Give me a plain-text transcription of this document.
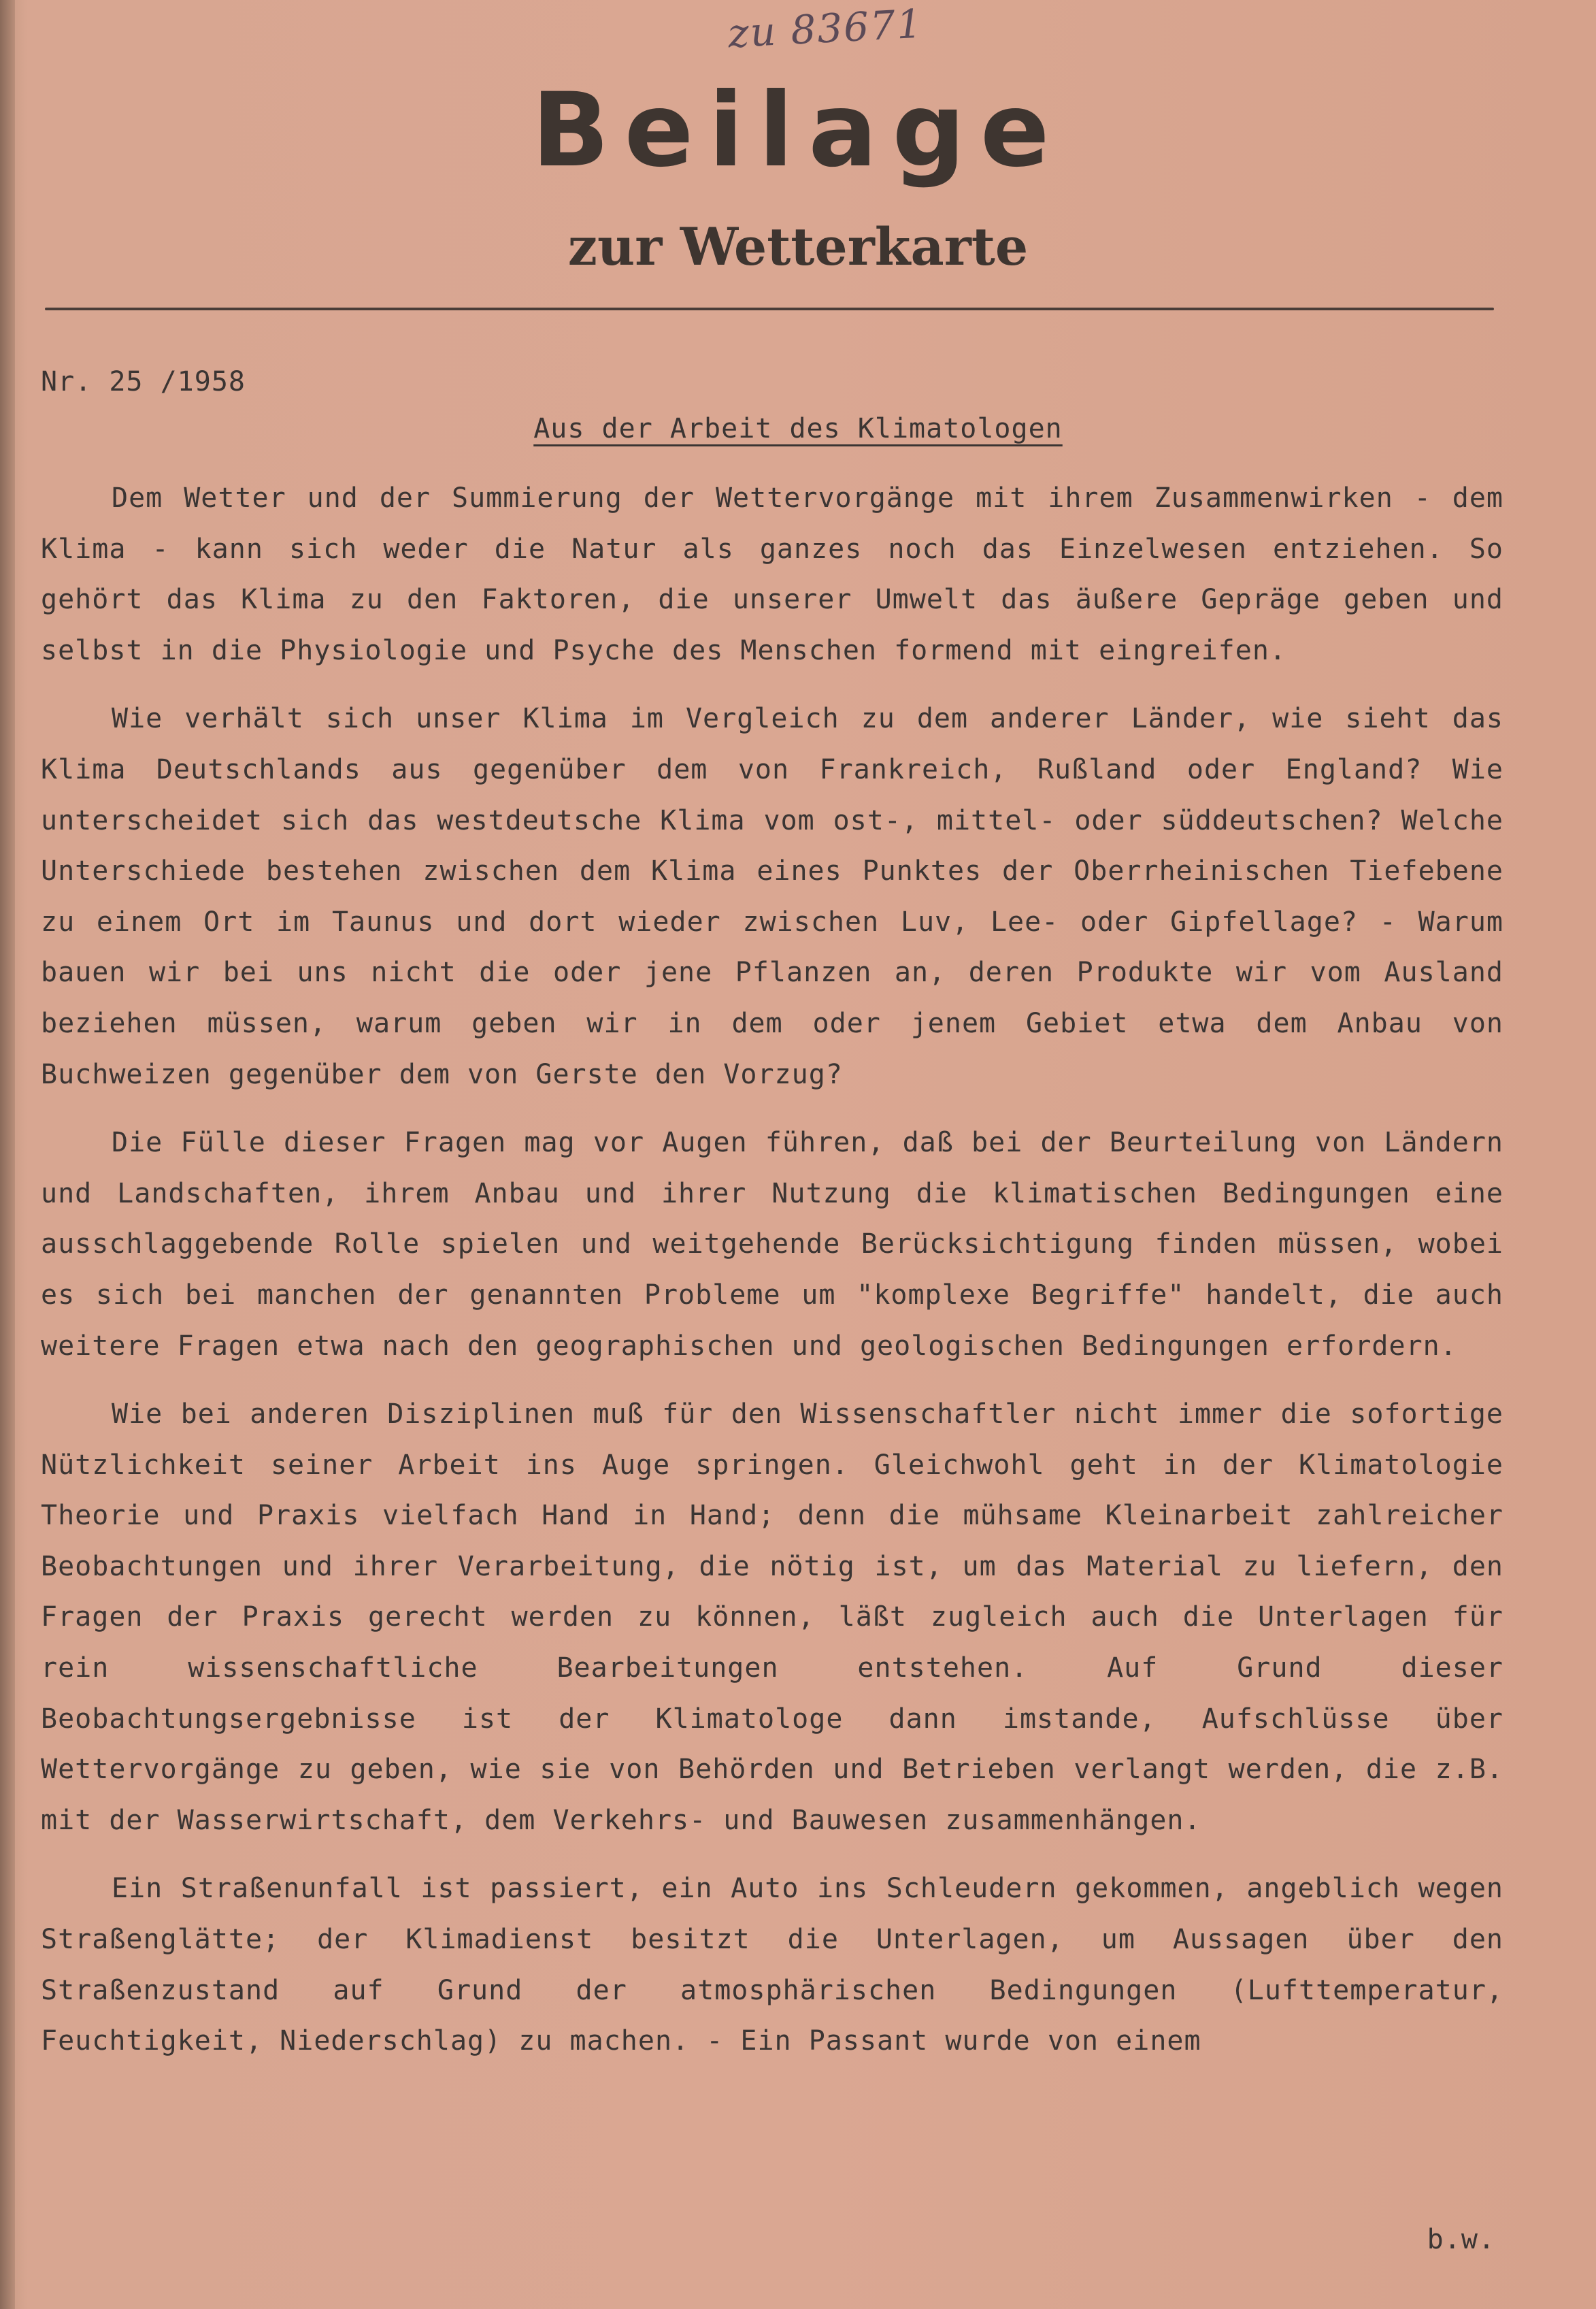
zu 83671
Beilage
zur Wetterkarte
Nr. 25 /1958
Aus der Arbeit des Klimatologen

Dem Wetter und der Summierung der Wettervorgänge mit ihrem Zusammenwirken - dem Klima - kann sich weder die Natur als ganzes noch das Einzelwesen entziehen. So gehört das Klima zu den Faktoren, die unserer Umwelt das äußere Gepräge geben und selbst in die Physiologie und Psyche des Menschen formend mit eingreifen.

Wie verhält sich unser Klima im Vergleich zu dem anderer Länder, wie sieht das Klima Deutschlands aus gegenüber dem von Frankreich, Rußland oder England? Wie unterscheidet sich das westdeutsche Klima vom ost-, mittel- oder süddeutschen? Welche Unterschiede bestehen zwischen dem Klima eines Punktes der Oberrheinischen Tiefebene zu einem Ort im Taunus und dort wieder zwischen Luv, Lee- oder Gipfellage? - Warum bauen wir bei uns nicht die oder jene Pflanzen an, deren Produkte wir vom Ausland beziehen müssen, warum geben wir in dem oder jenem Gebiet etwa dem Anbau von Buchweizen gegenüber dem von Gerste den Vorzug?

Die Fülle dieser Fragen mag vor Augen führen, daß bei der Beurteilung von Ländern und Landschaften, ihrem Anbau und ihrer Nutzung die klimatischen Bedingungen eine ausschlaggebende Rolle spielen und weitgehende Berücksichtigung finden müssen, wobei es sich bei manchen der genannten Probleme um "komplexe Begriffe" handelt, die auch weitere Fragen etwa nach den geographischen und geologischen Bedingungen erfordern.

Wie bei anderen Disziplinen muß für den Wissenschaftler nicht immer die sofortige Nützlichkeit seiner Arbeit ins Auge springen. Gleichwohl geht in der Klimatologie Theorie und Praxis vielfach Hand in Hand; denn die mühsame Kleinarbeit zahlreicher Beobachtungen und ihrer Verarbeitung, die nötig ist, um das Material zu liefern, den Fragen der Praxis gerecht werden zu können, läßt zugleich auch die Unterlagen für rein wissenschaftliche Bearbeitungen entstehen. Auf Grund dieser Beobachtungsergebnisse ist der Klimatologe dann imstande, Aufschlüsse über Wettervorgänge zu geben, wie sie von Behörden und Betrieben verlangt werden, die z.B. mit der Wasserwirtschaft, dem Verkehrs- und Bauwesen zusammenhängen.

Ein Straßenunfall ist passiert, ein Auto ins Schleudern gekommen, angeblich wegen Straßenglätte; der Klimadienst besitzt die Unterlagen, um Aussagen über den Straßenzustand auf Grund der atmosphärischen Bedingungen (Lufttemperatur, Feuchtigkeit, Niederschlag) zu machen. - Ein Passant wurde von einem

b.w.
